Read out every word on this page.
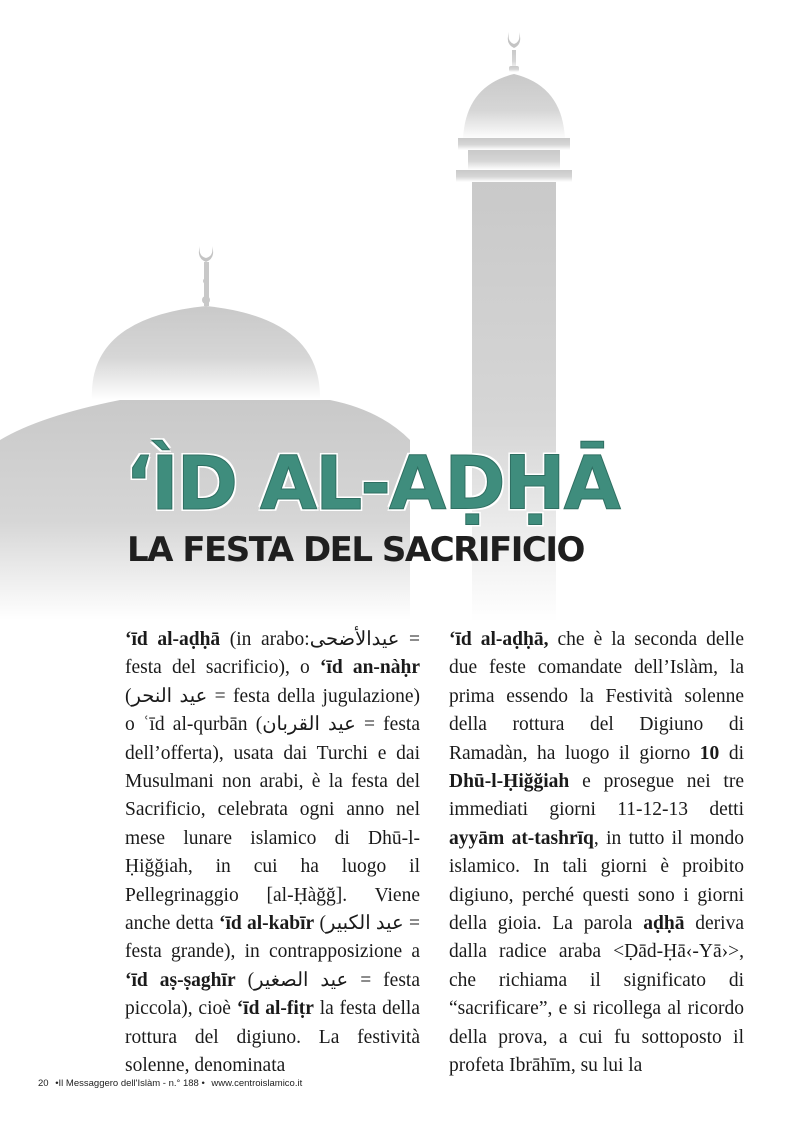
‘ÌD AL-AḌḤĀ
LA FESTA DEL SACRIFICIO

‘īd al-aḍḥā (in arabo:عيدالأضحى = festa del sacrificio), o ‘īd an-nàḥr (عيد النحر = festa della jugulazione) o ʿīd al-qurbān (عيد القربان = festa dell’offerta), usata dai Turchi e dai Musulmani non arabi, è la festa del Sacrificio, celebrata ogni anno nel mese lunare islamico di Dhū-l-Ḥiğğiah, in cui ha luogo il Pellegrinaggio [al-Ḥàğğ]. Viene anche detta ‘īd al-kabīr (عيد الكبير = festa grande), in contrapposizione a ‘īd aṣ-ṣaghīr (عيد الصغير = festa piccola), cioè ‘īd al-fiṭr la festa della rottura del digiuno. La festività solenne, denominata

‘īd al-aḍḥā, che è la seconda delle due feste comandate dell’Islàm, la prima essendo la Festività solenne della rottura del Digiuno di Ramadàn, ha luogo il giorno 10 di Dhū-l-Ḥiğğiah e prosegue nei tre immediati giorni 11-12-13 detti ayyām at-tashrīq, in tutto il mondo islamico. In tali giorni è proibito digiuno, perché questi sono i giorni della gioia. La parola aḍḥā deriva dalla radice araba <Ḍād-Ḥā‹-Yā›>, che richiama il significato di “sacrificare”, e si ricollega al ricordo della prova, a cui fu sottoposto il profeta Ibrāhīm, su lui la

20 •Il Messaggero dell'Islàm - n.° 188 • www.centroislamico.it
